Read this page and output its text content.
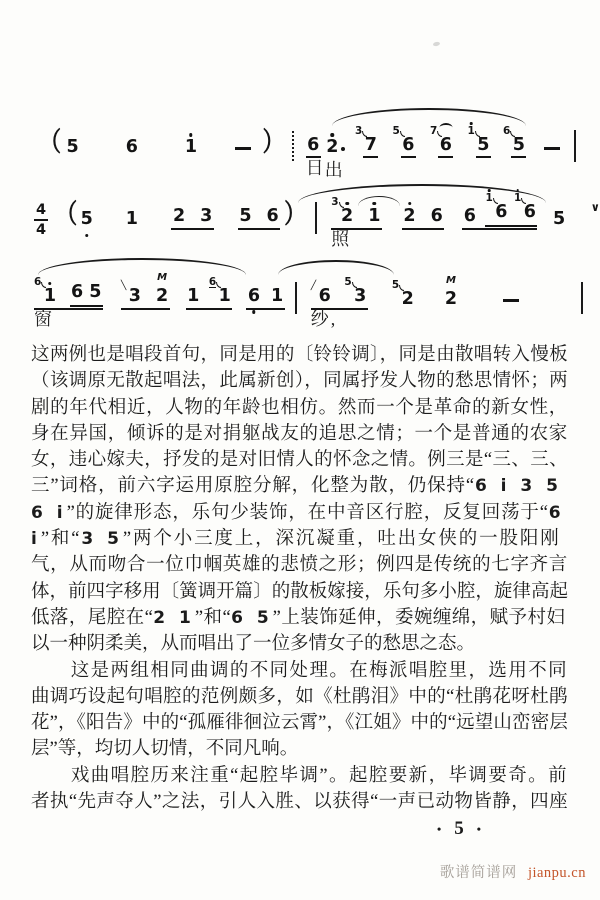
（ 5	6	1	） 6
日
2
出
3
7
5
6
7
6
1
5
6
5
$\frac{4}{4}$ （ 5 1 2 3 5 6 ） 3
2
照
1 2 6 6
1
6
1
6 5
∨
6
1
窗
6 5 ╲ 3 2
M
1
6
1 6 1	╱ 6
纱,
5
3
5
2 2
M
这两例也是唱段首句，同是用的〔铃铃调〕，同是由散唱转入慢板
（该调原无散起唱法，此属新创），同属抒发人物的愁思情怀；两
剧的年代相近，人物的年龄也相仿。然而一个是革命的新女性，
身在异国，倾诉的是对捐躯战友的追思之情；一个是普通的农家
女，违心嫁夫，抒发的是对旧情人的怀念之情。例三是“三、三、
三”词格，前六字运用原腔分解，化整为散，仍保持“6 i 3 5
6 i”的旋律形态，乐句少装饰，在中音区行腔，反复回荡于“6
i”和“3 5”两个小三度上，深沉凝重，吐出女侠的一股阳刚
气，从而吻合一位巾帼英雄的悲愤之形；例四是传统的七字齐言
体，前四字移用〔簧调开篇〕的散板嫁接，乐句多小腔，旋律高起
低落，尾腔在“2 1”和“6 5”上装饰延伸，委婉缠绵，赋予村妇
以一种阴柔美，从而唱出了一位多情女子的愁思之态。
　　这是两组相同曲调的不同处理。在梅派唱腔里，选用不同
曲调巧设起句唱腔的范例颇多，如《杜鹃泪》中的“杜鹃花呀杜鹃
花”，《阳告》中的“孤雁徘徊泣云霄”，《江姐》中的“远望山峦密层
层”等，均切人切情，不同凡响。
　　戏曲唱腔历来注重“起腔毕调”。起腔要新，毕调要奇。前
者执“先声夺人”之法，引人入胜、以获得“一声已动物皆静，四座
• 5 •
歌谱简谱网 jianpu.cn
